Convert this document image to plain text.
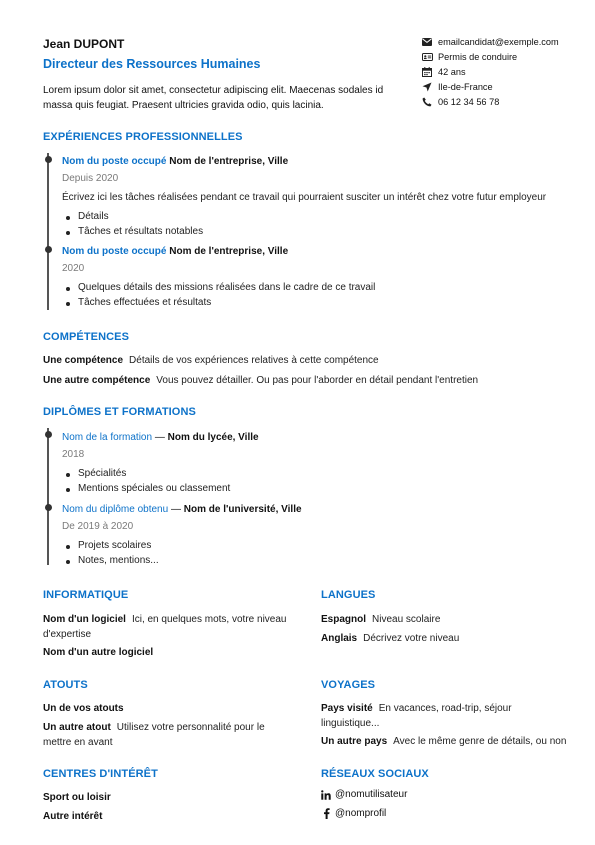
Jean DUPONT
Directeur des Ressources Humaines
Lorem ipsum dolor sit amet, consectetur adipiscing elit. Maecenas sodales id massa quis feugiat. Praesent ultricies gravida odio, quis lacinia.
emailcandidat@exemple.com
Permis de conduire
42 ans
Ile-de-France
06 12 34 56 78
EXPÉRIENCES PROFESSIONNELLES
Nom du poste occupé Nom de l'entreprise, Ville
Depuis 2020
Écrivez ici les tâches réalisées pendant ce travail qui pourraient susciter un intérêt chez votre futur employeur
Détails
Tâches et résultats notables
Nom du poste occupé Nom de l'entreprise, Ville
2020
Quelques détails des missions réalisées dans le cadre de ce travail
Tâches effectuées et résultats
COMPÉTENCES
Une compétence Détails de vos expériences relatives à cette compétence
Une autre compétence Vous pouvez détailler. Ou pas pour l'aborder en détail pendant l'entretien
DIPLÔMES ET FORMATIONS
Nom de la formation — Nom du lycée, Ville
2018
Spécialités
Mentions spéciales ou classement
Nom du diplôme obtenu — Nom de l'université, Ville
De 2019 à 2020
Projets scolaires
Notes, mentions...
INFORMATIQUE
Nom d'un logiciel Ici, en quelques mots, votre niveau d'expertise
Nom d'un autre logiciel
LANGUES
Espagnol Niveau scolaire
Anglais Décrivez votre niveau
ATOUTS
Un de vos atouts
Un autre atout Utilisez votre personnalité pour le mettre en avant
VOYAGES
Pays visité En vacances, road-trip, séjour linguistique...
Un autre pays Avec le même genre de détails, ou non
CENTRES D'INTÉRÊT
Sport ou loisir
Autre intérêt
RÉSEAUX SOCIAUX
@nomutilisateur
@nomprofil
